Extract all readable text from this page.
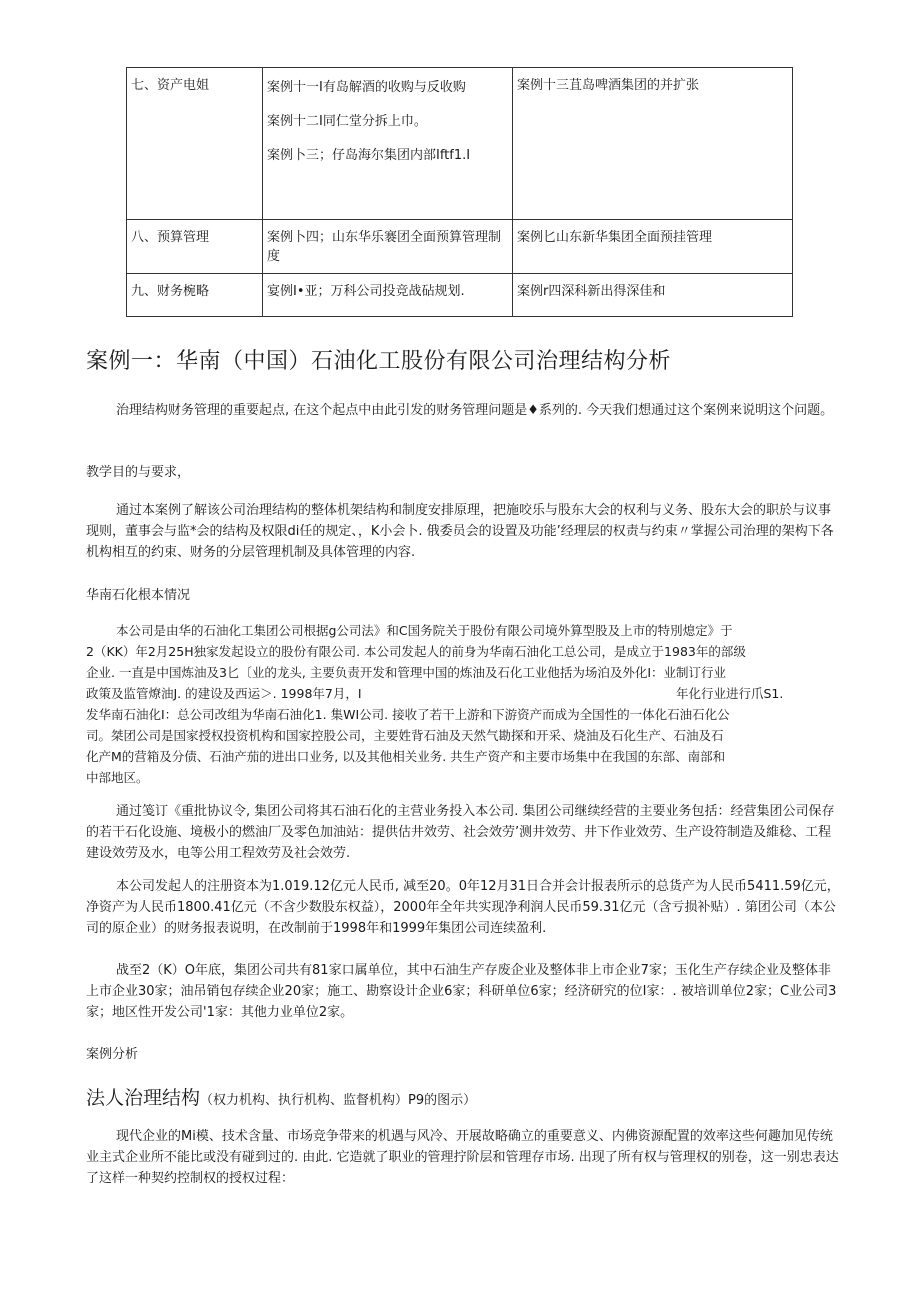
七、资产电姐	案例十一I有岛解酒的收购与反收购
案例十二I同仁堂分拆上巾。
案例卜三；仔岛海尔集团内部Iftf1.I	案例十三苴岛啤酒集团的并扩张

八、预算管理	案例卜四；山东华乐褰团全面预算管理制度	案例匕山东新华集团全面预挂管理

九、财务椀略	宴例I•亚；万科公司投竞战砧规划.	案例r四深科新出得深佳和
案例一：华南（中国）石油化工股份有限公司治理结构分析

治理结构财务管理的重要起点, 在这个起点中由此引发的财务管理问题是♦系列的. 今天我们想通过这个案例来说明这个问题。

教学目的与要求，

通过本案例了解该公司治理结构的整体机架结构和制度安排原理，把施咬乐与股东大会的权利与义务、股东大会的职於与议事现则，董事会与监*会的结构及权限di任的规定、，K小会卜. 俄委员会的设置及功能’经理层的权责与约束〃掌握公司治理的架构下各机构相互的约束、财务的分层管理机制及具体管理的内容.

华南石化根本情况

本公司是由华的石油化工集团公司根据g公司法》和C国务院关于股份有限公司境外算型股及上市的特別熄定》于
2（KK）年2月25H独家发起设立的股份有限公司. 本公司发起人的前身为华南石油化工总公司，是成立于1983年的部级
企业. 一直是中国炼油及3匕〔业的龙头, 主要负责开发和管理中国的炼油及石化工业他括为场泊及外化I：业制订行业
政策及监管燎油J. 的建设及西运＞. 1998年7月，I	年化行业进行爪S1.
发华南石油化I：总公司改组为华南石油化1. 集WI公司. 接收了若干上游和下游资产而成为全国性的一体化石油石化公
司。桀团公司是国家授权投资机构和国家控股公司，主要姓背石油及天然气勘探和开采、烧油及石化生产、石油及石
化产M的营箱及分债、石油产茄的进出口业务, 以及其他相关业务. 共生产资产和主要市场集中在我国的东部、南部和
中部地区。

通过笺订《重批协议令, 集团公司将其石油石化的主营业务投入本公司. 集团公司继续经营的主要业务包括：经营集团公司保存的若干石化设施、境极小的燃油厂及零色加油站：提供估井效劳、社会效劳’测井效劳、井下作业效劳、生产设符制造及維稔、工程建设效劳及水，电等公用工程效劳及社会效劳.

本公司发起人的注册资本为1.019.12亿元人民币, 减至20。0年12月31日合并会计报表所示的总货产为人民币5411.59亿元，净资产为人民币1800.41亿元（不含少数股东权益），2000年全年共实现净利润人民币59.31亿元（含亏损补贴）. 第团公司（本公司的原企业）的财务报表说明，在改制前于1998年和1999年集团公司连续盈利.

战至2（K）O年底，集团公司共有81家口属单位，其中石油生产存废企业及整体非上市企业7家；玉化生产存续企业及整体非上市企业30家；油吊销包存续企业20家；施工、勘察设计企业6家；科研单位6家；经济研究的位I家：. 被培训单位2家；C业公司3家；地区性开发公司'1家：其他力业单位2家。

案例分析

法人治理结构（权力机构、执行机构、监督机构）P9的图示）

现代企业的Mi模、技术含量、市场竞争带来的机遇与风冷、开展故略确立的重要意义、内佛资源配置的效率这些何趣加见传统业主式企业所不能比或没有碰到过的. 由此. 它造就了职业的管理拧阶层和管理存市场. 出现了所有权与管理权的别卷，这一别忠表达了这样一种契约控制权的授权过程：
